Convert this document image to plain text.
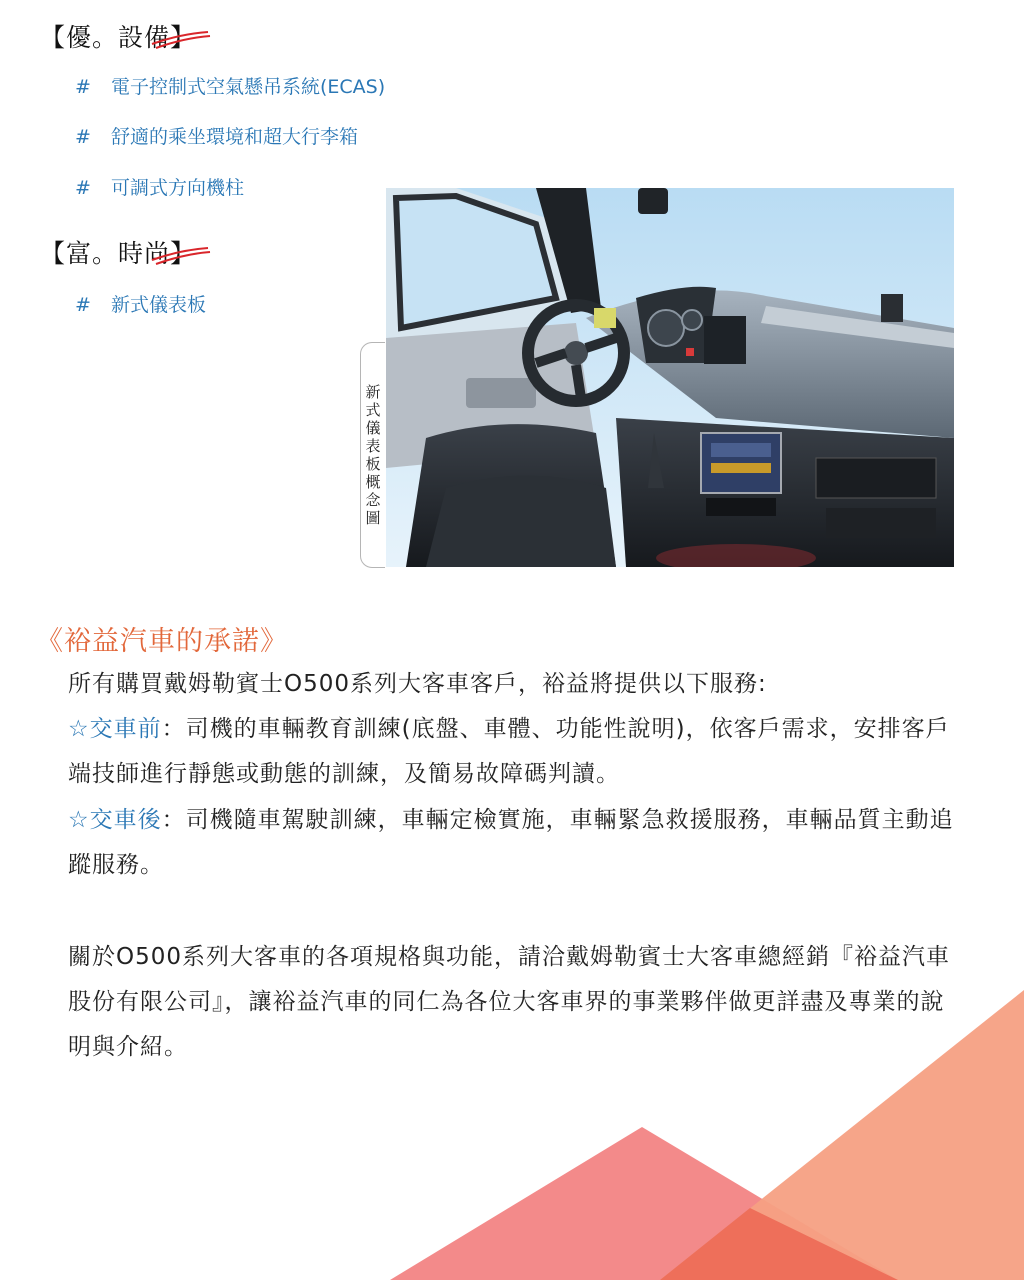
【優。設備】
# 電子控制式空氣懸吊系統(ECAS)
# 舒適的乘坐環境和超大行李箱
# 可調式方向機柱
【富。時尚】
# 新式儀表板
新
式
儀
表
板
概
念
圖
《裕益汽車的承諾》
所有購買戴姆勒賓士O500系列大客車客戶，裕益將提供以下服務:
☆交車前：司機的車輛教育訓練(底盤、車體、功能性說明)，依客戶需求，安排客戶端技師進行靜態或動態的訓練，及簡易故障碼判讀。
☆交車後：司機隨車駕駛訓練，車輛定檢實施，車輛緊急救援服務，車輛品質主動追蹤服務。
關於O500系列大客車的各項規格與功能，請洽戴姆勒賓士大客車總經銷『裕益汽車股份有限公司』，讓裕益汽車的同仁為各位大客車界的事業夥伴做更詳盡及專業的說明與介紹。
